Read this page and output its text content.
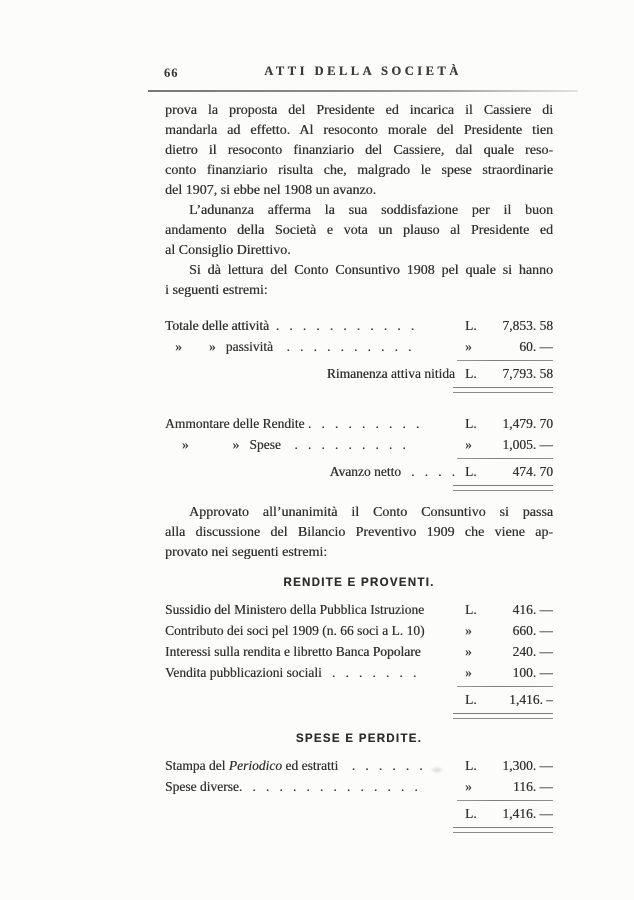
66	ATTI DELLA SOCIETÀ
prova la proposta del Presidente ed incarica il Cassiere di
mandarla ad effetto. Al resoconto morale del Presidente tien
dietro il resoconto finanziario del Cassiere, dal quale reso-
conto finanziario risulta che, malgrado le spese straordinarie
del 1907, si ebbe nel 1908 un avanzo.
L’adunanza afferma la sua soddisfazione per il buon
andamento della Società e vota un plauso al Presidente ed
al Consiglio Direttivo.
Si dà lettura del Conto Consuntivo 1908 pel quale si hanno
i seguenti estremi:
Totale delle attività  .   .   .   .   .   .   .   .   .   .   .	L.	7,853. 58
»        »   passività    .   .   .   .   .   .   .   .   .   .	»	60. —
Rimanenza attiva nitida L.	7,793. 58
Ammontare delle Rendite .   .   .   .   .   .   .   .   .	L.	1,479. 70
»             »   Spese    .   .   .   .   .   .   .   .   .	»	1,005. —
Avanzo netto   .   .   .   . L.	474. 70
Approvato all’unanimità il Conto Consuntivo si passa
alla discussione del Bilancio Preventivo 1909 che viene ap-
provato nei seguenti estremi:
RENDITE E PROVENTI.
Sussidio del Ministero della Pubblica Istruzione	L.	416. —
Contributo dei soci pel 1909 (n. 66 soci a L. 10)	»	660. —
Interessi sulla rendita e libretto Banca Popolare	»	240. —
Vendita pubblicazioni sociali   .   .   .   .   .   .   .	»	100. —
L.	1,416. –
SPESE E PERDITE.
Stampa del Periodico ed estratti    .   .   .   .   .   .	L.	1,300. —
Spese diverse.   .   .   .   .   .   .   .   .   .   .   .   .   .	»	116. —
L.	1,416. —
